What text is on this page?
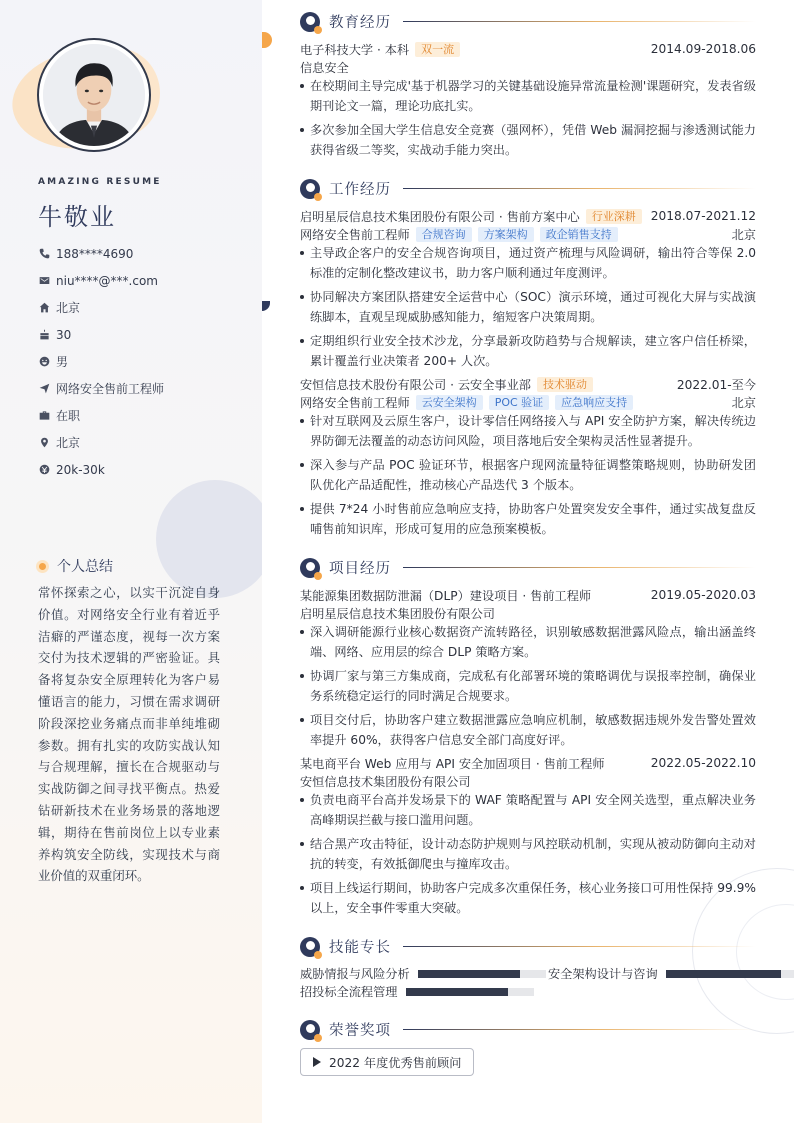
AMAZING RESUME
牛敬业
188****4690
niu****@***.com
北京
30
男
网络安全售前工程师
在职
北京
20k-30k
个人总结
常怀探索之心，以实干沉淀自身价值。对网络安全行业有着近乎洁癖的严谨态度，视每一次方案交付为技术逻辑的严密验证。具备将复杂安全原理转化为客户易懂语言的能力，习惯在需求调研阶段深挖业务痛点而非单纯堆砌参数。拥有扎实的攻防实战认知与合规理解，擅长在合规驱动与实战防御之间寻找平衡点。热爱钻研新技术在业务场景的落地逻辑，期待在售前岗位上以专业素养构筑安全防线，实现技术与商业价值的双重闭环。
教育经历
电子科技大学 · 本科	双一流	2014.09-2018.06
信息安全
在校期间主导完成'基于机器学习的关键基础设施异常流量检测'课题研究，发表省级期刊论文一篇，理论功底扎实。
多次参加全国大学生信息安全竞赛（强网杯），凭借 Web 漏洞挖掘与渗透测试能力获得省级二等奖，实战动手能力突出。
工作经历
启明星辰信息技术集团股份有限公司 · 售前方案中心	行业深耕	2018.07-2021.12
网络安全售前工程师	合规咨询	方案架构	政企销售支持	北京
主导政企客户的安全合规咨询项目，通过资产梳理与风险调研，输出符合等保 2.0 标准的定制化整改建议书，助力客户顺利通过年度测评。
协同解决方案团队搭建安全运营中心（SOC）演示环境，通过可视化大屏与实战演练脚本，直观呈现威胁感知能力，缩短客户决策周期。
定期组织行业安全技术沙龙，分享最新攻防趋势与合规解读，建立客户信任桥梁，累计覆盖行业决策者 200+ 人次。
安恒信息技术股份有限公司 · 云安全事业部	技术驱动	2022.01-至今
网络安全售前工程师	云安全架构	POC 验证	应急响应支持	北京
针对互联网及云原生客户，设计零信任网络接入与 API 安全防护方案，解决传统边界防御无法覆盖的动态访问风险，项目落地后安全架构灵活性显著提升。
深入参与产品 POC 验证环节，根据客户现网流量特征调整策略规则，协助研发团队优化产品适配性，推动核心产品迭代 3 个版本。
提供 7*24 小时售前应急响应支持，协助客户处置突发安全事件，通过实战复盘反哺售前知识库，形成可复用的应急预案模板。
项目经历
某能源集团数据防泄漏（DLP）建设项目 · 售前工程师	2019.05-2020.03
启明星辰信息技术集团股份有限公司
深入调研能源行业核心数据资产流转路径，识别敏感数据泄露风险点，输出涵盖终端、网络、应用层的综合 DLP 策略方案。
协调厂家与第三方集成商，完成私有化部署环境的策略调优与误报率控制，确保业务系统稳定运行的同时满足合规要求。
项目交付后，协助客户建立数据泄露应急响应机制，敏感数据违规外发告警处置效率提升 60%，获得客户信息安全部门高度好评。
某电商平台 Web 应用与 API 安全加固项目 · 售前工程师	2022.05-2022.10
安恒信息技术集团股份有限公司
负责电商平台高并发场景下的 WAF 策略配置与 API 安全网关选型，重点解决业务高峰期误拦截与接口滥用问题。
结合黑产攻击特征，设计动态防护规则与风控联动机制，实现从被动防御向主动对抗的转变，有效抵御爬虫与撞库攻击。
项目上线运行期间，协助客户完成多次重保任务，核心业务接口可用性保持 99.9% 以上，安全事件零重大突破。
技能专长
威胁情报与风险分析	安全架构设计与咨询
招投标全流程管理
荣誉奖项
2022 年度优秀售前顾问
